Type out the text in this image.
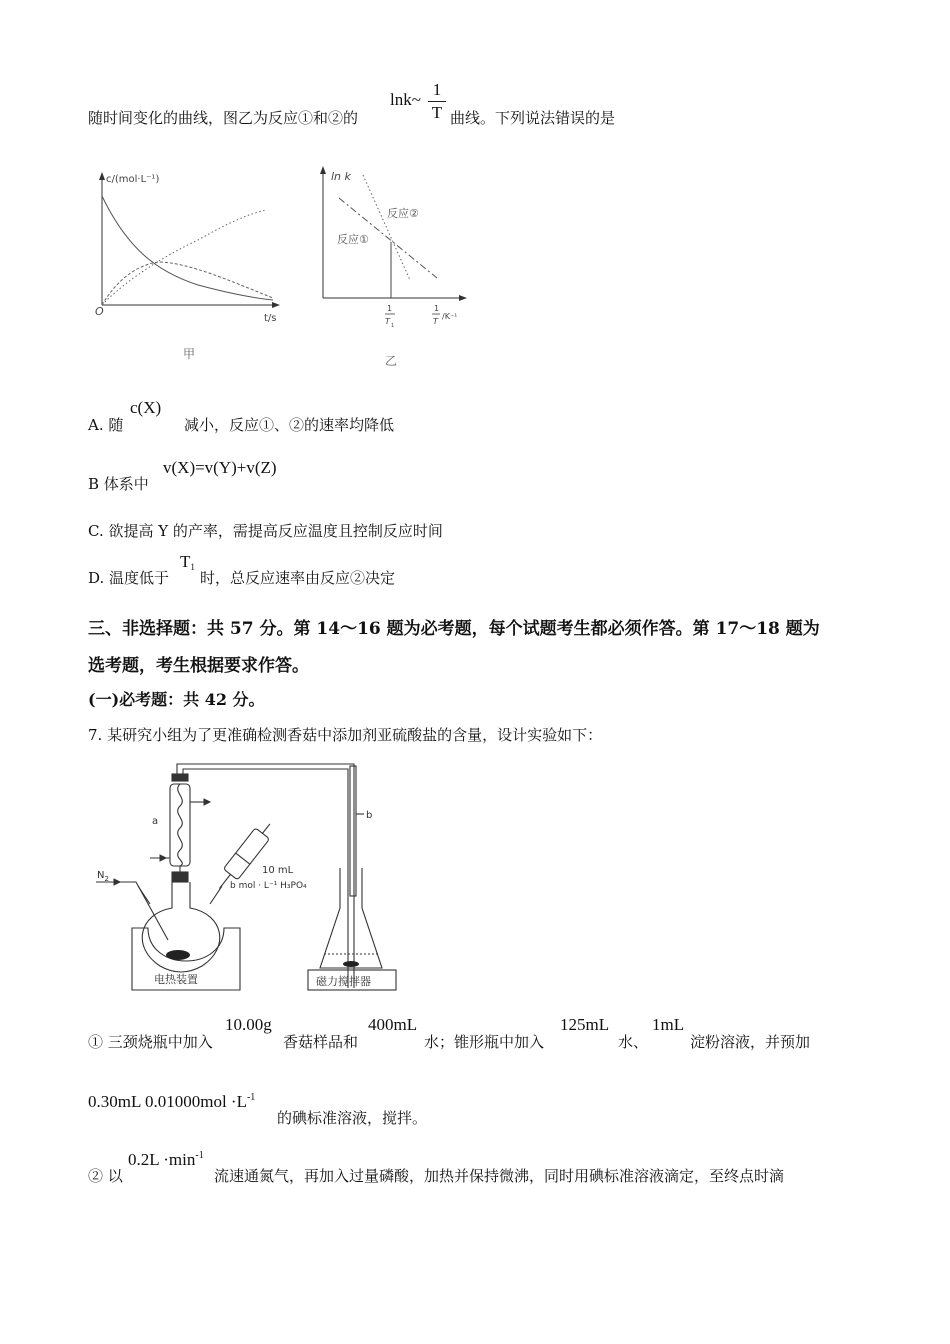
随时间变化的曲线，图乙为反应①和②的
lnk~
1
T 曲线。下列说法错误的是
c/(mol·L⁻¹)
O
t/s
甲
ln k
反应②
反应①
1
T 1
1
T
/K⁻¹
乙
A. 随
c(X)
减小，反应①、②的速率均降低
B 体系中
v(X)=v(Y)+v(Z)
C. 欲提高 Y 的产率，需提高反应温度且控制反应时间
D. 温度低于
T1
时，总反应速率由反应②决定
三、非选择题：共 57 分。第 14～16 题为必考题，每个试题考生都必须作答。第 17～18 题为
选考题，考生根据要求作答。
(一)必考题：共 42 分。
7. 某研究小组为了更准确检测香菇中添加剂亚硫酸盐的含量，设计实验如下：
a
b
$N_2$
10 mL
b mol · L⁻¹ H₃PO₄
电热装置	磁力搅拌器
① 三颈烧瓶中加入
10.00g
香菇样品和
400mL
水；锥形瓶中加入
125mL
水、
1mL
淀粉溶液，并预加
0.30mL $0.01000mol \cdot L^{-1}$
的碘标准溶液，搅拌。
② 以
$0.2L \cdot\min^{-1}$
流速通氮气，再加入过量磷酸，加热并保持微沸，同时用碘标准溶液滴定，至终点时滴
